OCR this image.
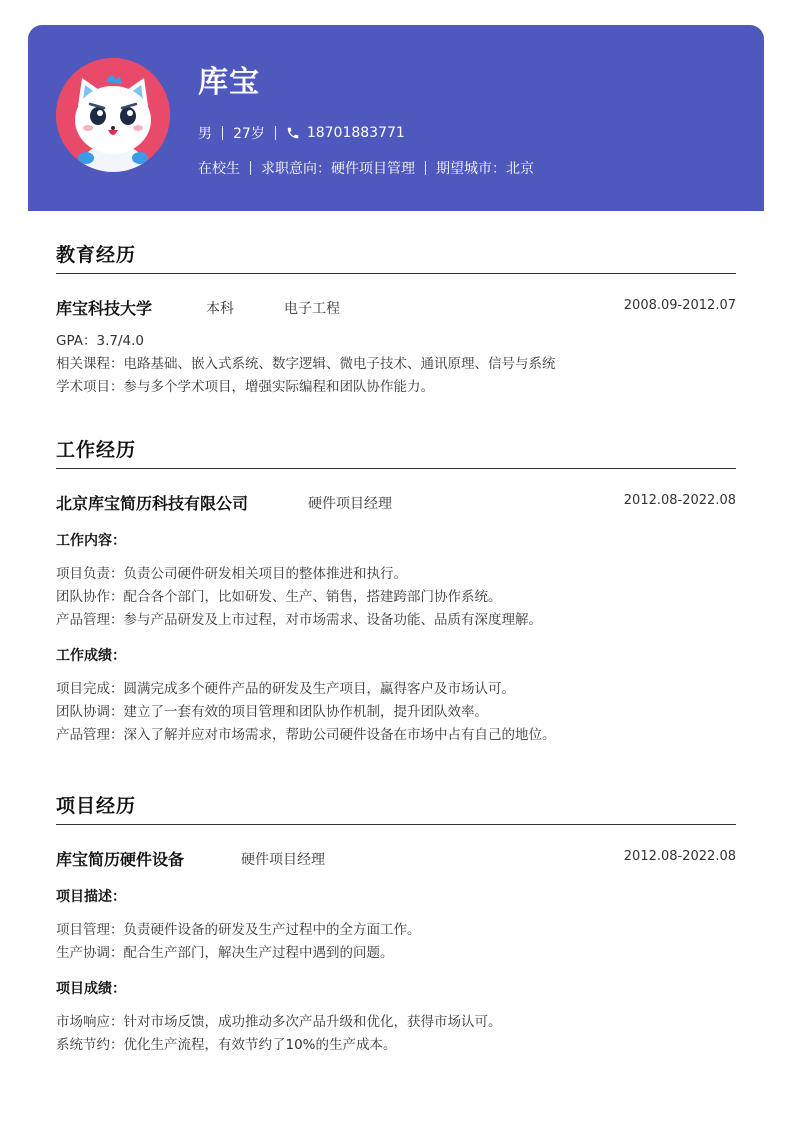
库宝
男 27岁	18701883771
在校生 求职意向：硬件项目管理 期望城市：北京
教育经历
库宝科技大学	本科	电子工程	2008.09-2012.07
GPA：3.7/4.0
相关课程：电路基础、嵌入式系统、数字逻辑、微电子技术、通讯原理、信号与系统
学术项目：参与多个学术项目，增强实际编程和团队协作能力。
工作经历
北京库宝简历科技有限公司	硬件项目经理	2012.08-2022.08
工作内容：
项目负责：负责公司硬件研发相关项目的整体推进和执行。
团队协作：配合各个部门，比如研发、生产、销售，搭建跨部门协作系统。
产品管理：参与产品研发及上市过程，对市场需求、设备功能、品质有深度理解。
工作成绩：
项目完成：圆满完成多个硬件产品的研发及生产项目，赢得客户及市场认可。
团队协调：建立了一套有效的项目管理和团队协作机制，提升团队效率。
产品管理：深入了解并应对市场需求，帮助公司硬件设备在市场中占有自己的地位。
项目经历
库宝简历硬件设备	硬件项目经理	2012.08-2022.08
项目描述：
项目管理：负责硬件设备的研发及生产过程中的全方面工作。
生产协调：配合生产部门，解决生产过程中遇到的问题。
项目成绩：
市场响应：针对市场反馈，成功推动多次产品升级和优化，获得市场认可。
系统节约：优化生产流程，有效节约了10%的生产成本。
